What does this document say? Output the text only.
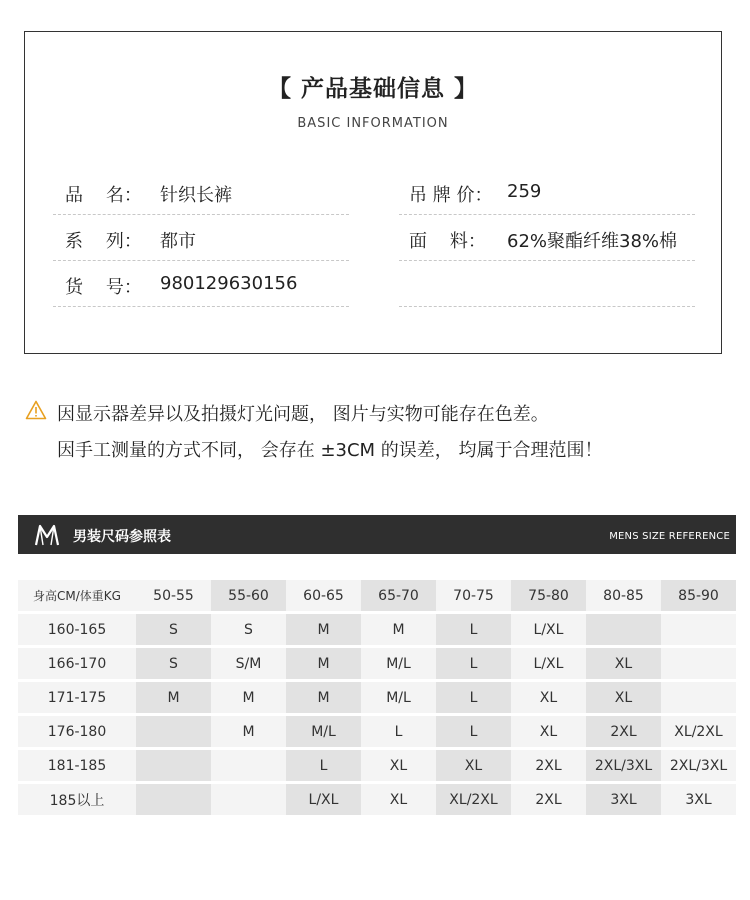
【 产品基础信息 】
BASIC INFORMATION
品    名： 针织长裤
系    列： 都市
货    号： 980129630156
吊 牌 价： 259
面    料： 62%聚酯纤维38%棉
因显示器差异以及拍摄灯光问题， 图片与实物可能存在色差。
因手工测量的方式不同， 会存在 ±3CM 的误差， 均属于合理范围！
男装尺码参照表	MENS SIZE REFERENCE
身高CM/体重KG	50-55	55-60	60-65	65-70	70-75	75-80	80-85	85-90
160-165	S	S	M	M	L	L/XL		
166-170	S	S/M	M	M/L	L	L/XL	XL	
171-175	M	M	M	M/L	L	XL	XL	
176-180		M	M/L	L	L	XL	2XL	XL/2XL
181-185			L	XL	XL	2XL	2XL/3XL	2XL/3XL
185以上			L/XL	XL	XL/2XL	2XL	3XL	3XL
